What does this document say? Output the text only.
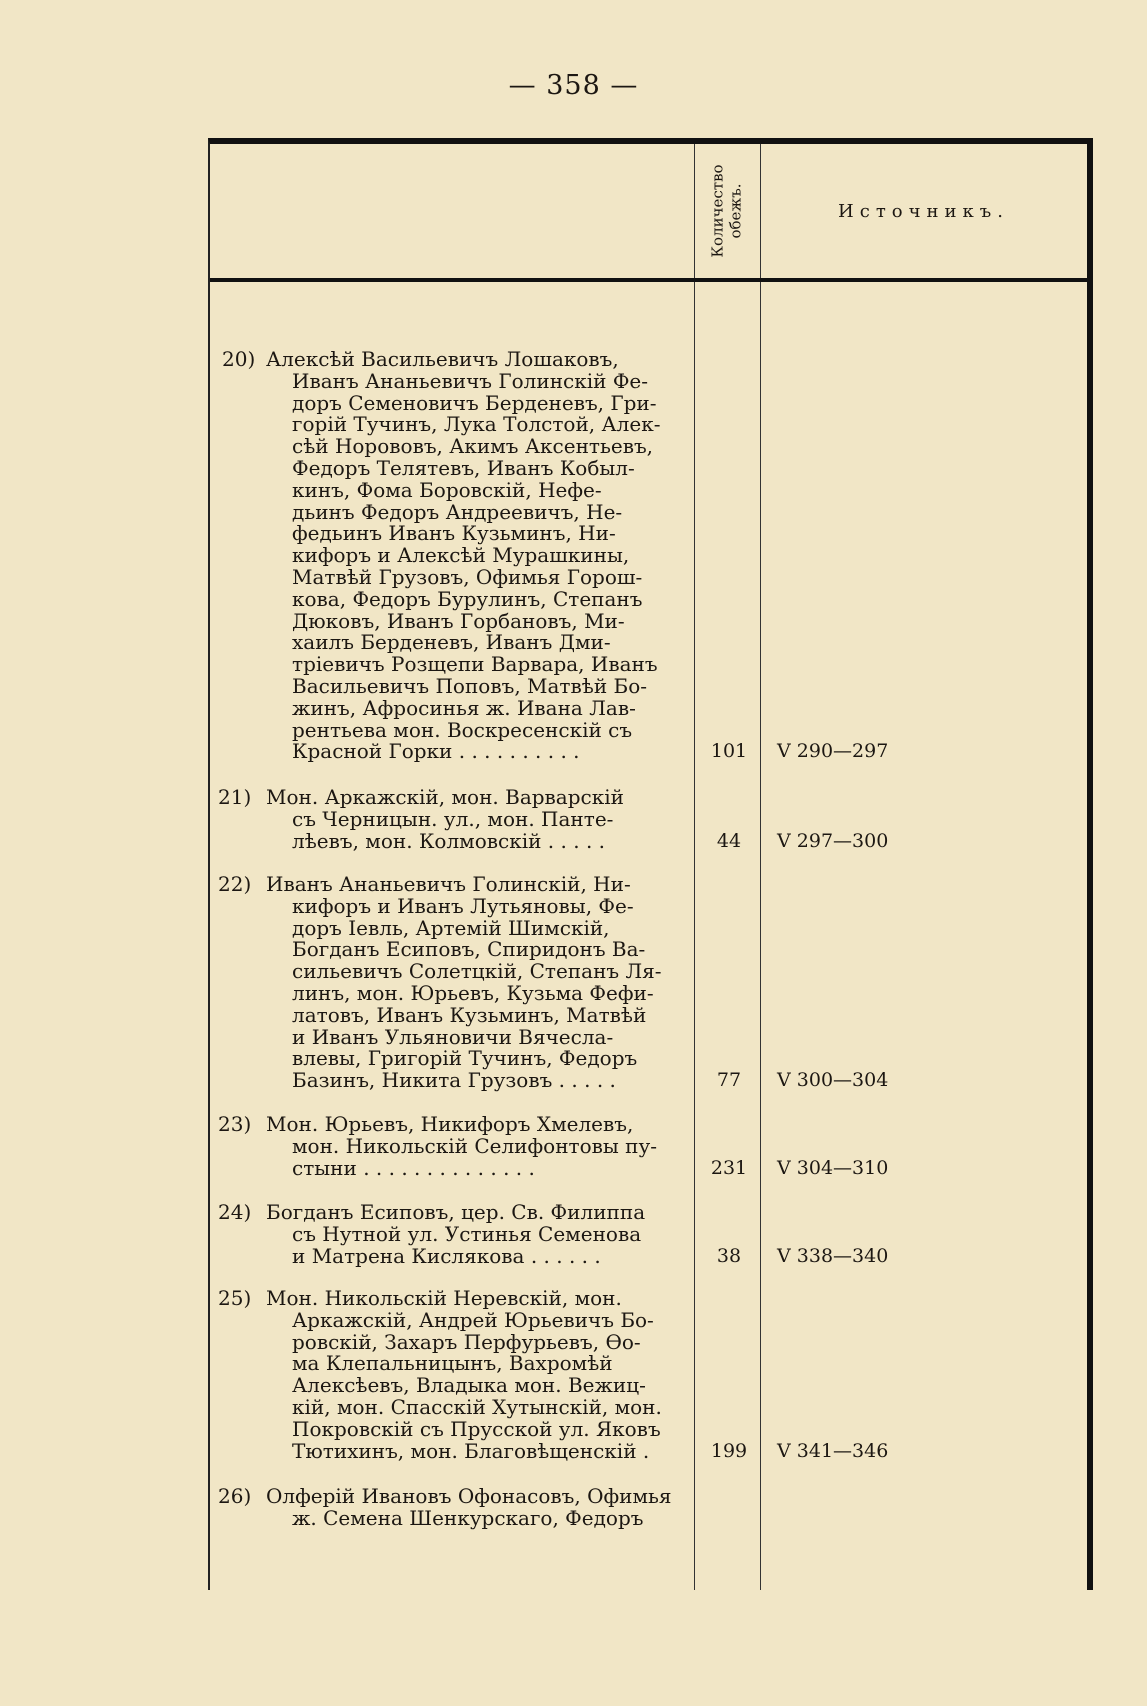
— 358 —
Количество обежъ.	Источникъ.
20) Алексѣй Васильевичъ Лошаковъ,
Иванъ Ананьевичъ Голинскій Фе-
доръ Семеновичъ Берденевъ, Гри-
горій Тучинъ, Лука Толстой, Алек-
сѣй Норововъ, Акимъ Аксентьевъ,
Федоръ Телятевъ, Иванъ Кобыл-
кинъ, Фома Боровскій, Нефе-
дьинъ Федоръ Андреевичъ, Не-
федьинъ Иванъ Кузьминъ, Ни-
кифоръ и Алексѣй Мурашкины,
Матвѣй Грузовъ, Офимья Горош-
кова, Федоръ Бурулинъ, Степанъ
Дюковъ, Иванъ Горбановъ, Ми-
хаилъ Берденевъ, Иванъ Дми-
тріевичъ Розщепи Варвара, Иванъ
Васильевичъ Поповъ, Матвѣй Бо-
жинъ, Афросинья ж. Ивана Лав-
рентьева мон. Воскресенскій съ
Красной Горки . . . . . . . . . .	101	V 290—297
21) Мон. Аркажскій, мон. Варварскій
съ Черницын. ул., мон. Панте-
лѣевъ, мон. Колмовскій . . . . .	44	V 297—300
22) Иванъ Ананьевичъ Голинскій, Ни-
кифоръ и Иванъ Лутьяновы, Фе-
доръ Іевль, Артемій Шимскій,
Богданъ Есиповъ, Спиридонъ Ва-
сильевичъ Солетцкій, Степанъ Ля-
линъ, мон. Юрьевъ, Кузьма Фефи-
латовъ, Иванъ Кузьминъ, Матвѣй
и Иванъ Ульяновичи Вячесла-
влевы, Григорій Тучинъ, Федоръ
Базинъ, Никита Грузовъ . . . . .	77	V 300—304
23) Мон. Юрьевъ, Никифоръ Хмелевъ,
мон. Никольскій Селифонтовы пу-
стыни . . . . . . . . . . . . . .	231	V 304—310
24) Богданъ Есиповъ, цер. Св. Филиппа
съ Нутной ул. Устинья Семенова
и Матрена Кислякова . . . . . .	38	V 338—340
25) Мон. Никольскій Неревскій, мон.
Аркажскій, Андрей Юрьевичъ Бо-
ровскій, Захаръ Перфурьевъ, Ѳо-
ма Клепальницынъ, Вахромѣй
Алексѣевъ, Владыка мон. Вежиц-
кій, мон. Спасскій Хутынскій, мон.
Покровскій съ Прусской ул. Яковъ
Тютихинъ, мон. Благовѣщенскій .	199	V 341—346
26) Олферій Ивановъ Офонасовъ, Офимья
ж. Семена Шенкурскаго, Федоръ
